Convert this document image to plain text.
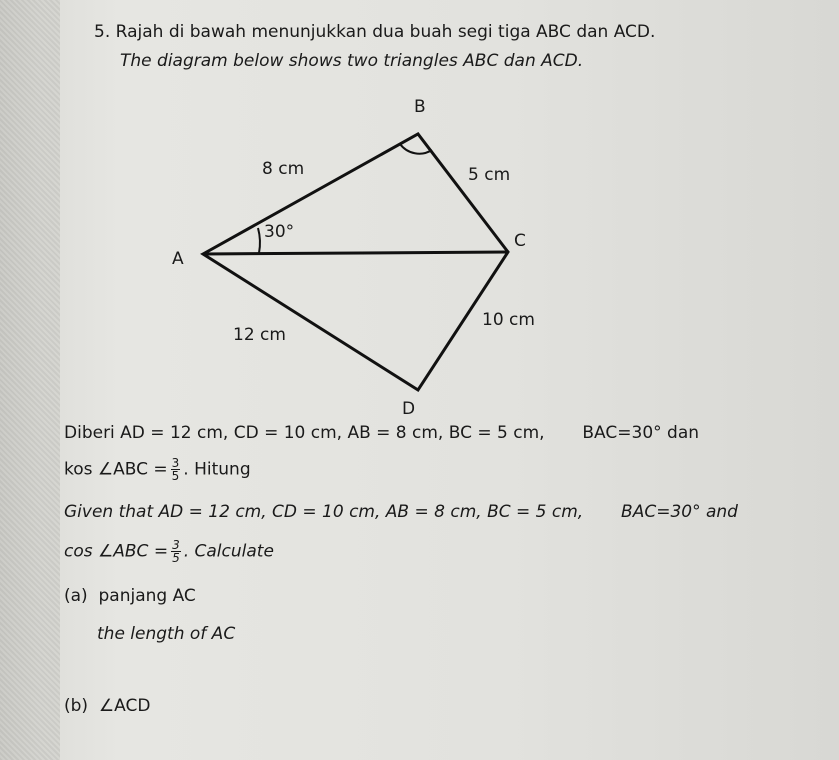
5. Rajah di bawah menunjukkan dua buah segi tiga ABC dan ACD.
The diagram below shows two triangles ABC dan ACD.
B
A
C
D
8 cm	5 cm
12 cm
10 cm
30°
Diberi AD = 12 cm, CD = 10 cm, AB = 8 cm, BC = 5 cm, BAC=30° dan
kos ∠ABC = $\frac{3}{5}$ . Hitung
Given that AD = 12 cm, CD = 10 cm, AB = 8 cm, BC = 5 cm, BAC=30° and
cos ∠ABC = $\frac{3}{5}$ . Calculate
(a) panjang AC
the length of AC
(b) ∠ACD
